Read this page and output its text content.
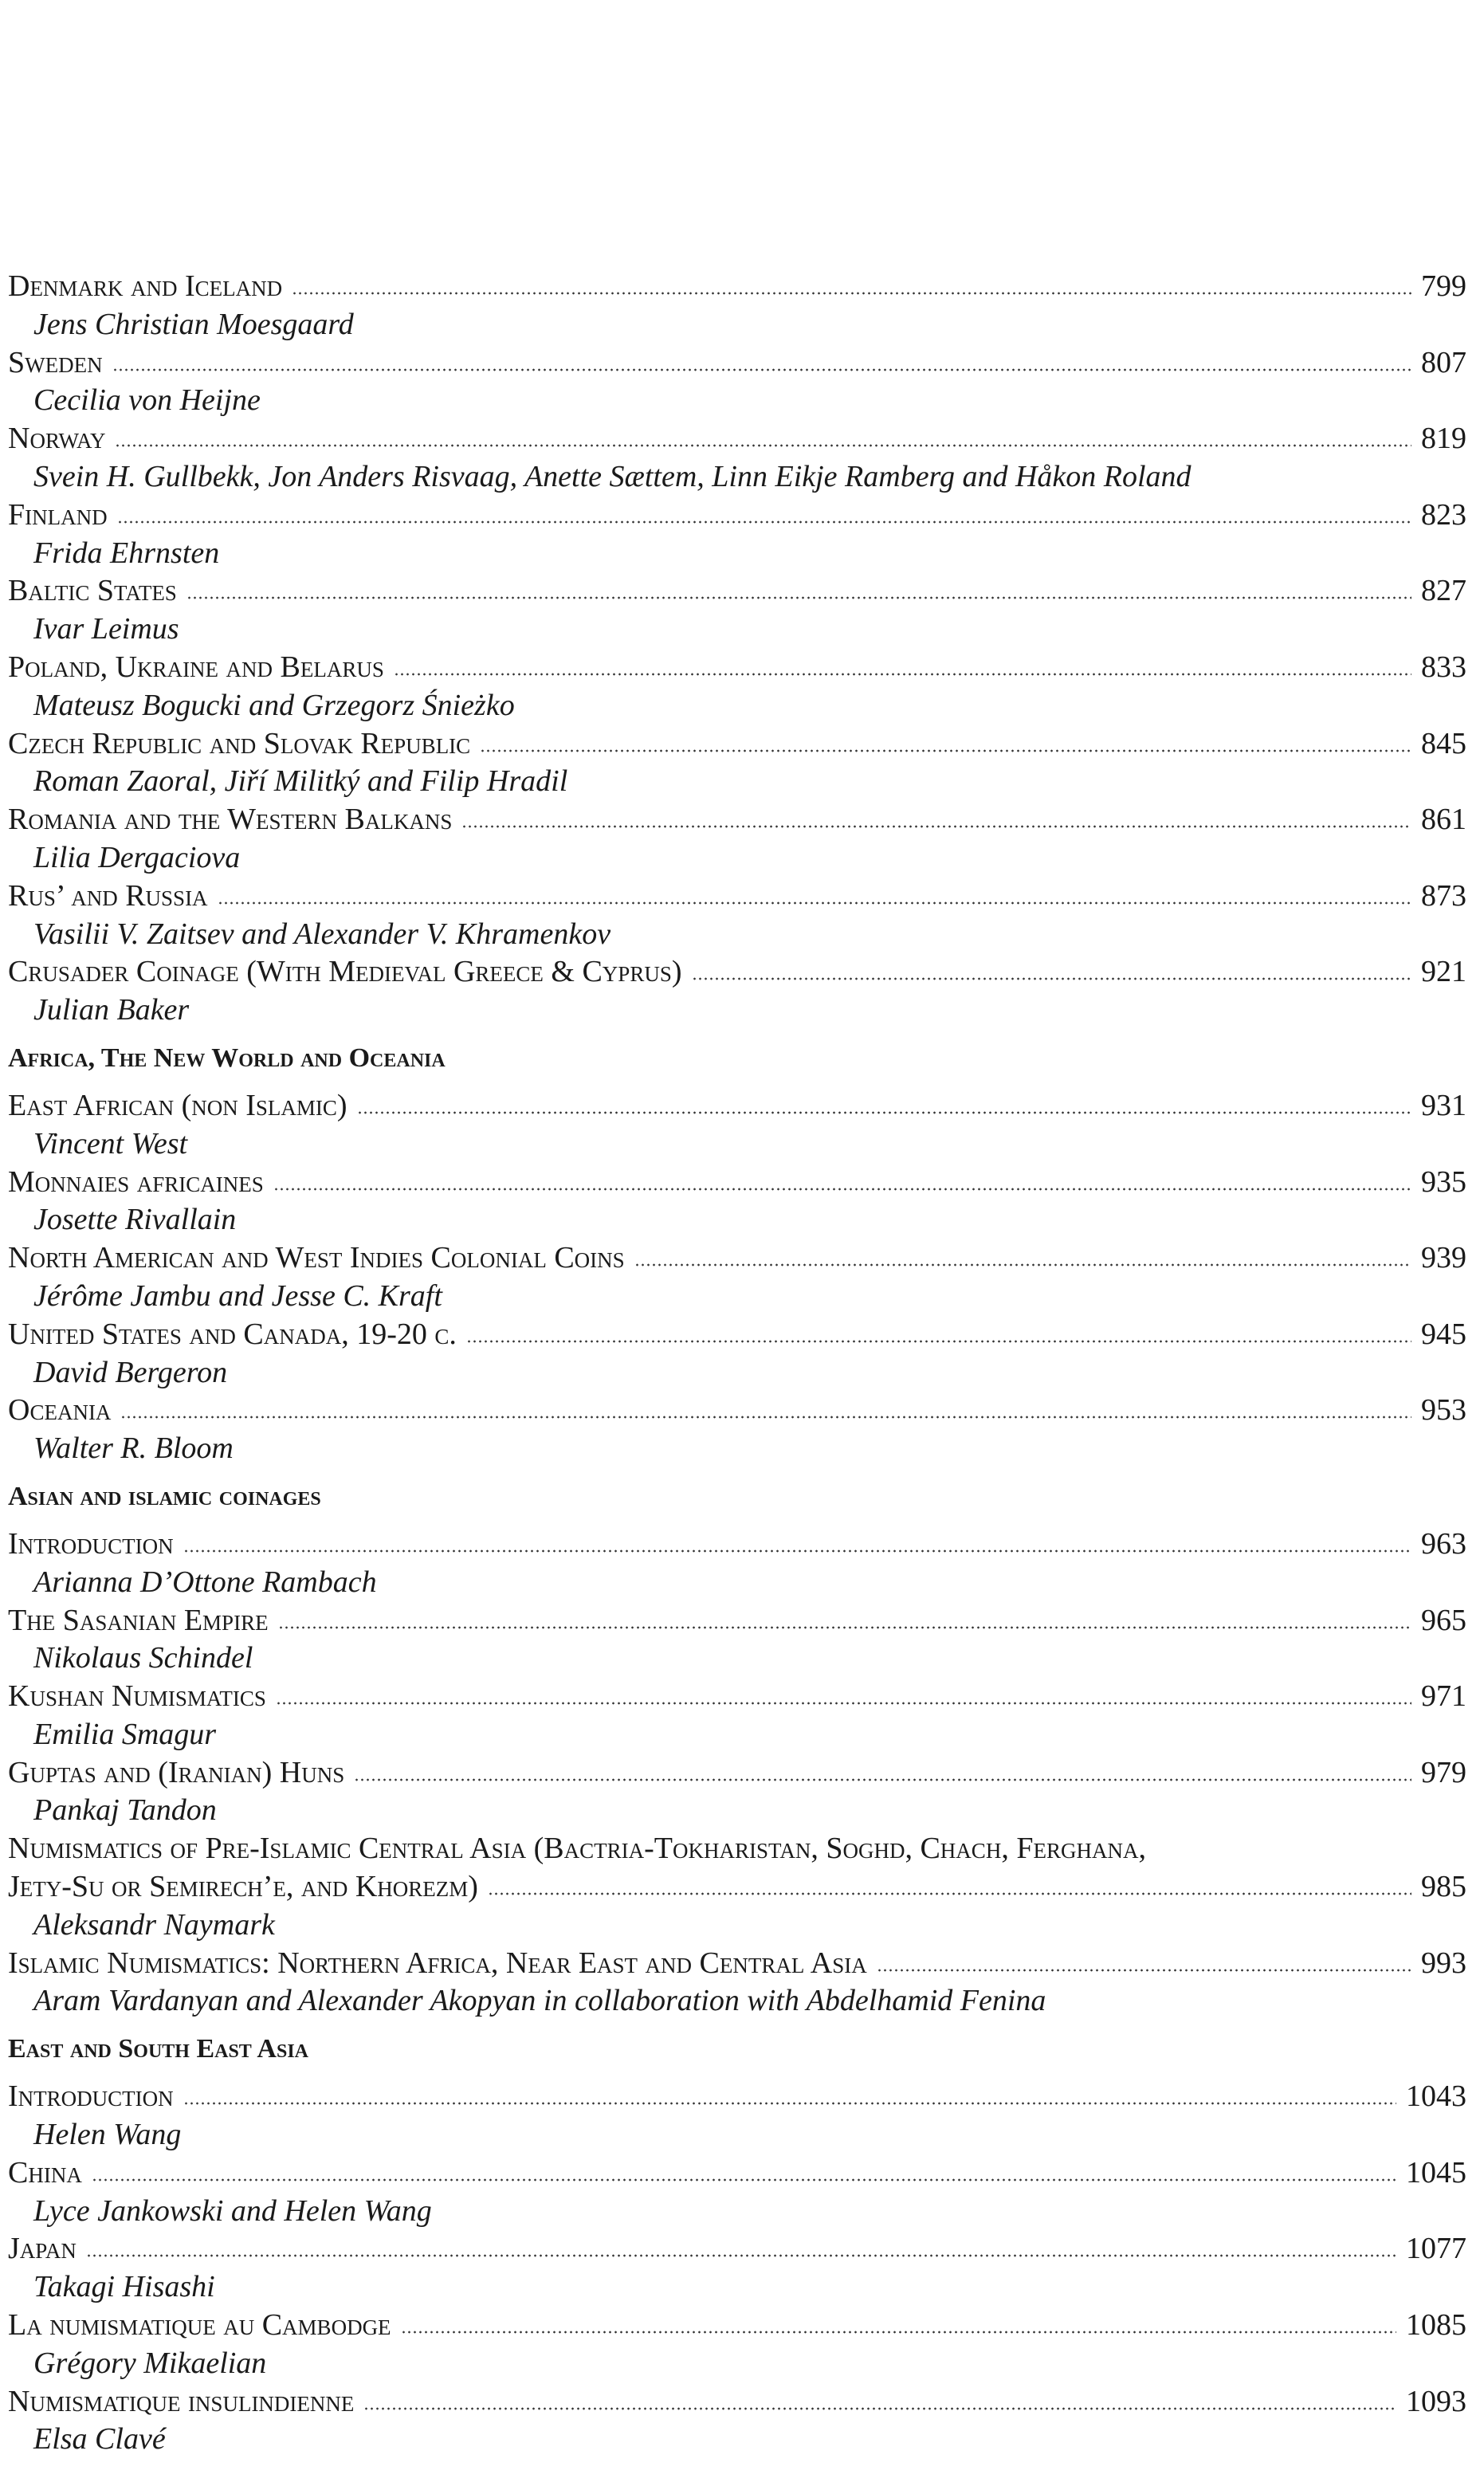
Denmark and Iceland	799
Jens Christian Moesgaard
Sweden	807
Cecilia von Heijne
Norway	819
Svein H. Gullbekk, Jon Anders Risvaag, Anette Sættem, Linn Eikje Ramberg and Håkon Roland
Finland	823
Frida Ehrnsten
Baltic States	827
Ivar Leimus
Poland, Ukraine and Belarus	833
Mateusz Bogucki and Grzegorz Śnieżko
Czech Republic and Slovak Republic	845
Roman Zaoral, Jiří Militký and Filip Hradil
Romania and the Western Balkans	861
Lilia Dergaciova
Rus’ and Russia	873
Vasilii V. Zaitsev and Alexander V. Khramenkov
Crusader Coinage (With Medieval Greece & Cyprus)	921
Julian Baker
Africa, The New World and Oceania
East African (non Islamic)	931
Vincent West
Monnaies africaines	935
Josette Rivallain
North American and West Indies Colonial Coins	939
Jérôme Jambu and Jesse C. Kraft
United States and Canada, 19-20 c.	945
David Bergeron
Oceania	953
Walter R. Bloom
Asian and islamic coinages
Introduction	963
Arianna D’Ottone Rambach
The Sasanian Empire	965
Nikolaus Schindel
Kushan Numismatics	971
Emilia Smagur
Guptas and (Iranian) Huns	979
Pankaj Tandon
Numismatics of Pre-Islamic Central Asia (Bactria-Tokharistan, Soghd, Chach, Ferghana,
Jety-Su or Semirech’e, and Khorezm)	985
Aleksandr Naymark
Islamic Numismatics: Northern Africa, Near East and Central Asia	993
Aram Vardanyan and Alexander Akopyan in collaboration with Abdelhamid Fenina
East and South East Asia
Introduction	1043
Helen Wang
China	1045
Lyce Jankowski and Helen Wang
Japan	1077
Takagi Hisashi
La numismatique au Cambodge	1085
Grégory Mikaelian
Numismatique insulindienne	1093
Elsa Clavé
